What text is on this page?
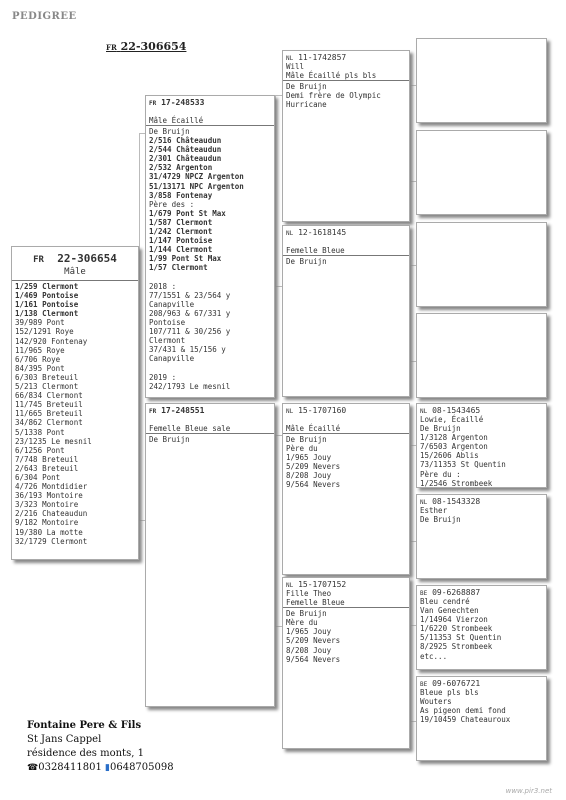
PEDIGREE
FR 22-306654
FR 22-306654
Mâle
1/259 Clermont
1/469 Pontoise
1/161 Pontoise
1/138 Clermont
39/989 Pont
152/1291 Roye
142/920 Fontenay
11/965 Roye
6/706 Roye
84/395 Pont
6/303 Breteuil
5/213 Clermont
66/834 Clermont
11/745 Breteuil
11/665 Breteuil
34/862 Clermont
5/1338 Pont
23/1235 Le mesnil
6/1256 Pont
7/748 Breteuil
2/643 Breteuil
6/304 Pont
4/726 Montdidier
36/193 Montoire
3/323 Montoire
2/216 Chateaudun
9/182 Montoire
19/380 La motte
32/1729 Clermont
FR 17-248533
Mâle Écaillé
De Bruijn
2/516 Châteaudun
2/544 Châteaudun
2/301 Châteaudun
2/532 Argenton
31/4729 NPCZ Argenton
51/13171 NPC Argenton
3/858 Fontenay
Père des :
1/679 Pont St Max
1/587 Clermont
1/242 Clermont
1/147 Pontoise
1/144 Clermont
1/99 Pont St Max
1/57 Clermont
2018 :
77/1551 & 23/564 y
Canapville
208/963 & 67/331 y
Pontoise
107/711 & 30/256 y
Clermont
37/431 & 15/156 y
Canapville
2019 :
242/1793 Le mesnil
FR 17-248551
Femelle Bleue sale
De Bruijn
NL 11-1742857
Will
Mâle Écaillé pls bls
De Bruijn
Demi frère de Olympic
Hurricane
NL 12-1618145
Femelle Bleue
De Bruijn
NL 15-1707160
Mâle Écaillé
De Bruijn
Père du
1/965 Jouy
5/209 Nevers
8/208 Jouy
9/564 Nevers
NL 15-1707152
Fille Theo
Femelle Bleue
De Bruijn
Mère du
1/965 Jouy
5/209 Nevers
8/208 Jouy
9/564 Nevers
NL 08-1543465
Lowie, Écaillé
De Bruijn
1/3128 Argenton
7/6503 Argenton
15/2606 Ablis
73/11353 St Quentin
Père du :
1/2546 Strombeek
NL 08-1543328
Esther
De Bruijn
BE 09-6268887
Bleu cendré
Van Genechten
1/14964 Vierzon
1/6220 Strombeek
5/11353 St Quentin
8/2925 Strombeek
etc...
BE 09-6076721
Bleue pls bls
Wouters
As pigeon demi fond
19/10459 Chateauroux
Fontaine Pere & Fils
St Jans Cappel
résidence des monts, 1
☎0328411801 ▮0648705098
www.pir3.net
